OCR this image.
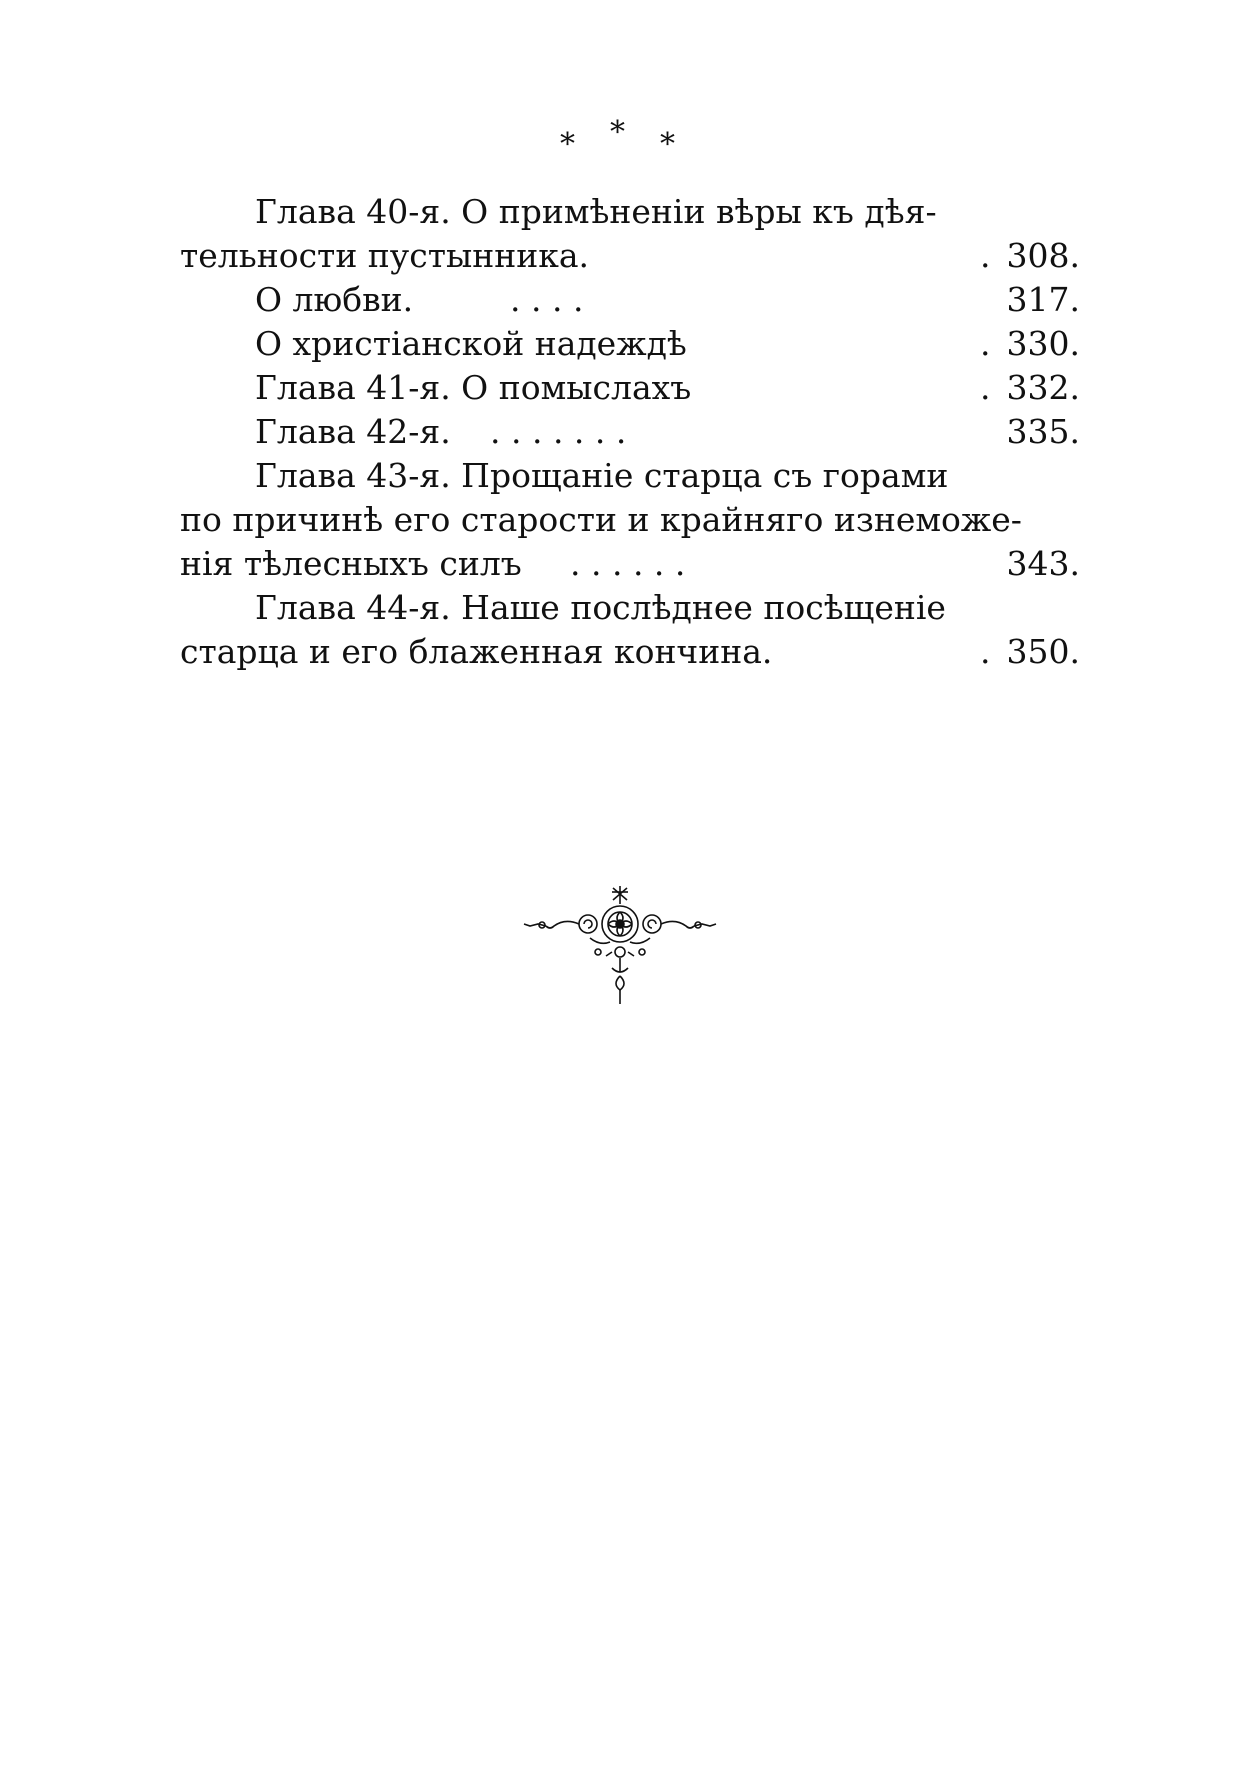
* * *
Глава 40-я. О примѣненіи вѣры къ дѣя-
тельности пустынника.	. 308.
О любви.	. . . .	317.
О христіанской надеждѣ	. 330.
Глава 41-я. О помыслахъ	. 332.
Глава 42-я. . . . . . . .	335.
Глава 43-я. Прощаніе старца съ горами
по причинѣ его старости и крайняго изнеможе-
нія тѣлесныхъ силъ . . . . . .	343.
Глава 44-я. Наше послѣднее посѣщеніе
старца и его блаженная кончина.	. 350.
